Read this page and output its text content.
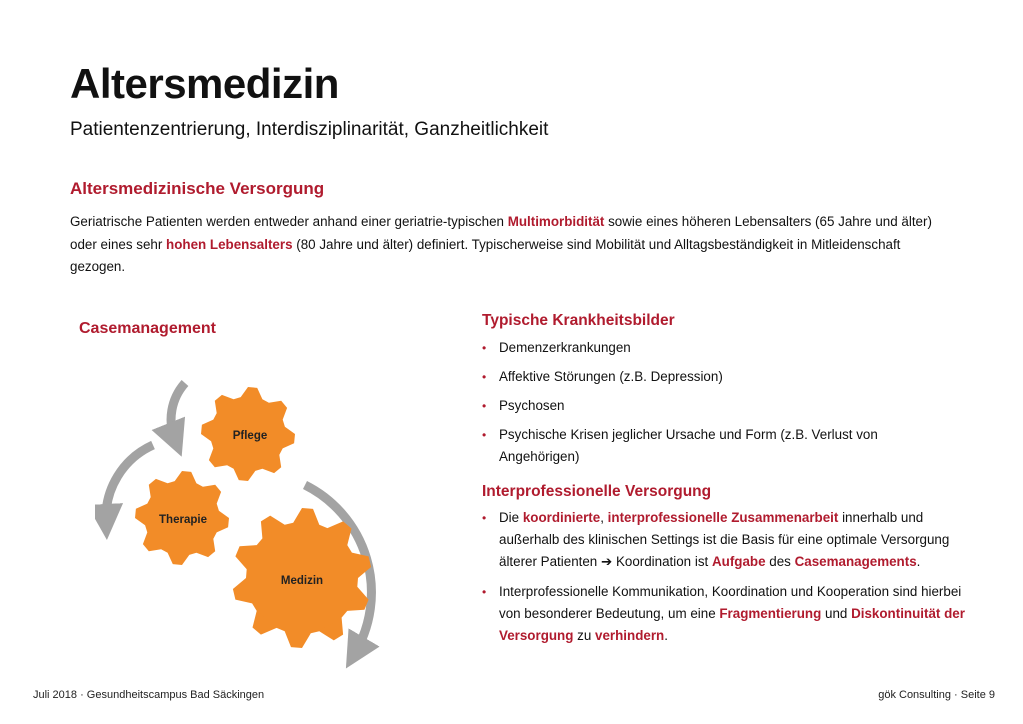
Altersmedizin
Patientenzentrierung, Interdisziplinarität, Ganzheitlichkeit
Altersmedizinische Versorgung
Geriatrische Patienten werden entweder anhand einer geriatrie-typischen Multimorbidität sowie eines höheren Lebensalters (65 Jahre und älter) oder eines sehr hohen Lebensalters (80 Jahre und älter) definiert. Typischerweise sind Mobilität und Alltagsbeständigkeit in Mitleidenschaft gezogen.
Casemanagement
Pflege
Therapie
Medizin
Typische Krankheitsbilder
• Demenzerkrankungen
• Affektive Störungen (z.B. Depression)
• Psychosen
• Psychische Krisen jeglicher Ursache und Form (z.B. Verlust von Angehörigen)
Interprofessionelle Versorgung
• Die koordinierte, interprofessionelle Zusammenarbeit innerhalb und außerhalb des klinischen Settings ist die Basis für eine optimale Versorgung älterer Patienten ➔ Koordination ist Aufgabe des Casemanagements.
• Interprofessionelle Kommunikation, Koordination und Kooperation sind hierbei von besonderer Bedeutung, um eine Fragmentierung und Diskontinuität der Versorgung zu verhindern.
Juli 2018 · Gesundheitscampus Bad Säckingen	gök Consulting · Seite 9
